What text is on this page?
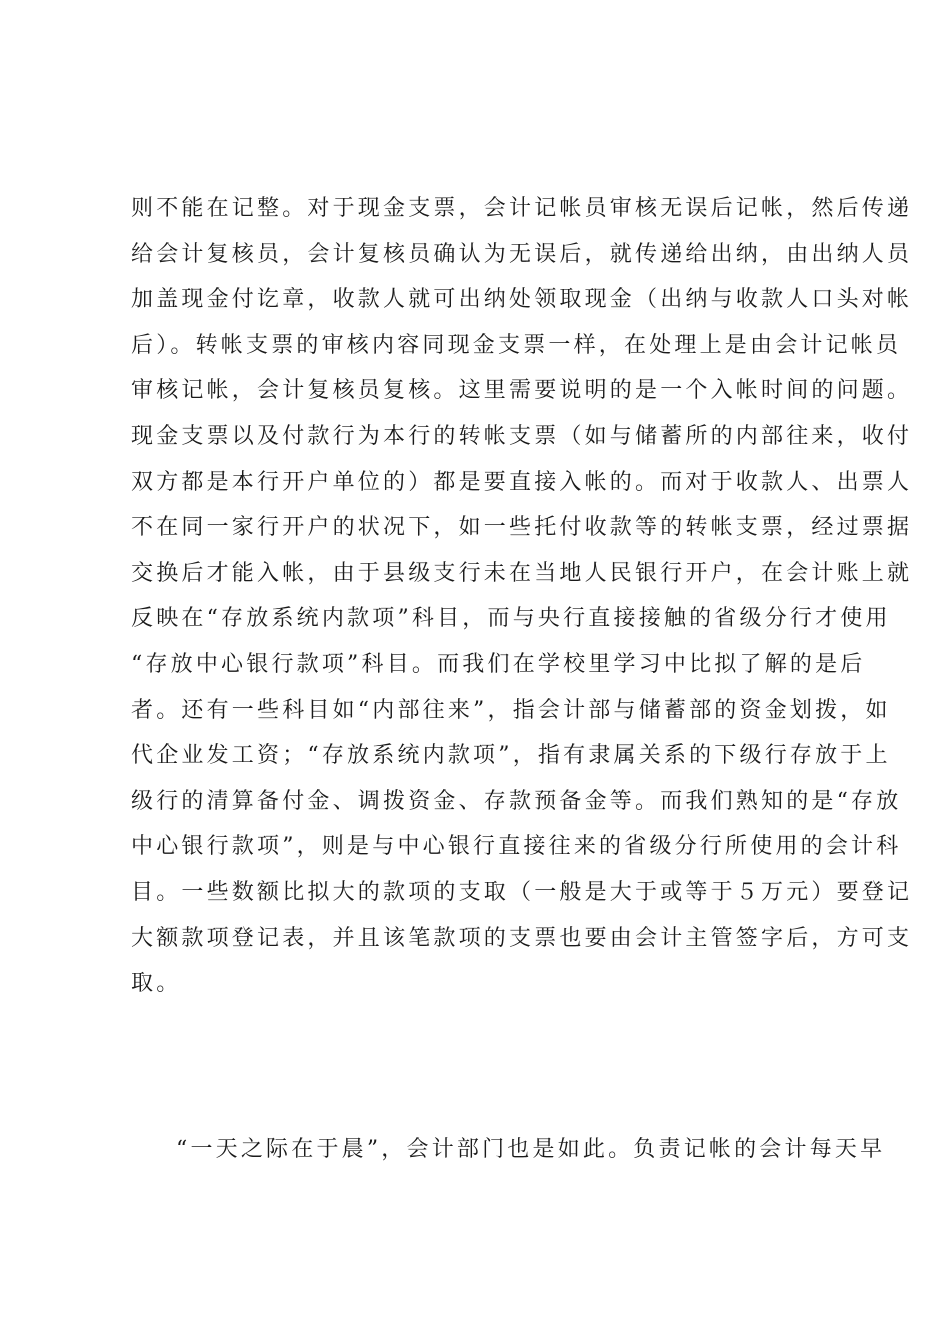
则不能在记整。对于现金支票，会计记帐员审核无误后记帐，然后传递
给会计复核员，会计复核员确认为无误后，就传递给出纳，由出纳人员
加盖现金付讫章，收款人就可出纳处领取现金（出纳与收款人口头对帐
后）。转帐支票的审核内容同现金支票一样，在处理上是由会计记帐员
审核记帐，会计复核员复核。这里需要说明的是一个入帐时间的问题。
现金支票以及付款行为本行的转帐支票（如与储蓄所的内部往来，收付
双方都是本行开户单位的）都是要直接入帐的。而对于收款人、出票人
不在同一家行开户的状况下，如一些托付收款等的转帐支票，经过票据
交换后才能入帐，由于县级支行未在当地人民银行开户，在会计账上就
反映在“存放系统内款项”科目，而与央行直接接触的省级分行才使用
“存放中心银行款项”科目。而我们在学校里学习中比拟了解的是后
者。还有一些科目如“内部往来”，指会计部与储蓄部的资金划拨，如
代企业发工资；“存放系统内款项”，指有隶属关系的下级行存放于上
级行的清算备付金、调拨资金、存款预备金等。而我们熟知的是“存放
中心银行款项”，则是与中心银行直接往来的省级分行所使用的会计科
目。一些数额比拟大的款项的支取（一般是大于或等于５万元）要登记
大额款项登记表，并且该笔款项的支票也要由会计主管签字后，方可支
取。
“一天之际在于晨”，会计部门也是如此。负责记帐的会计每天早
